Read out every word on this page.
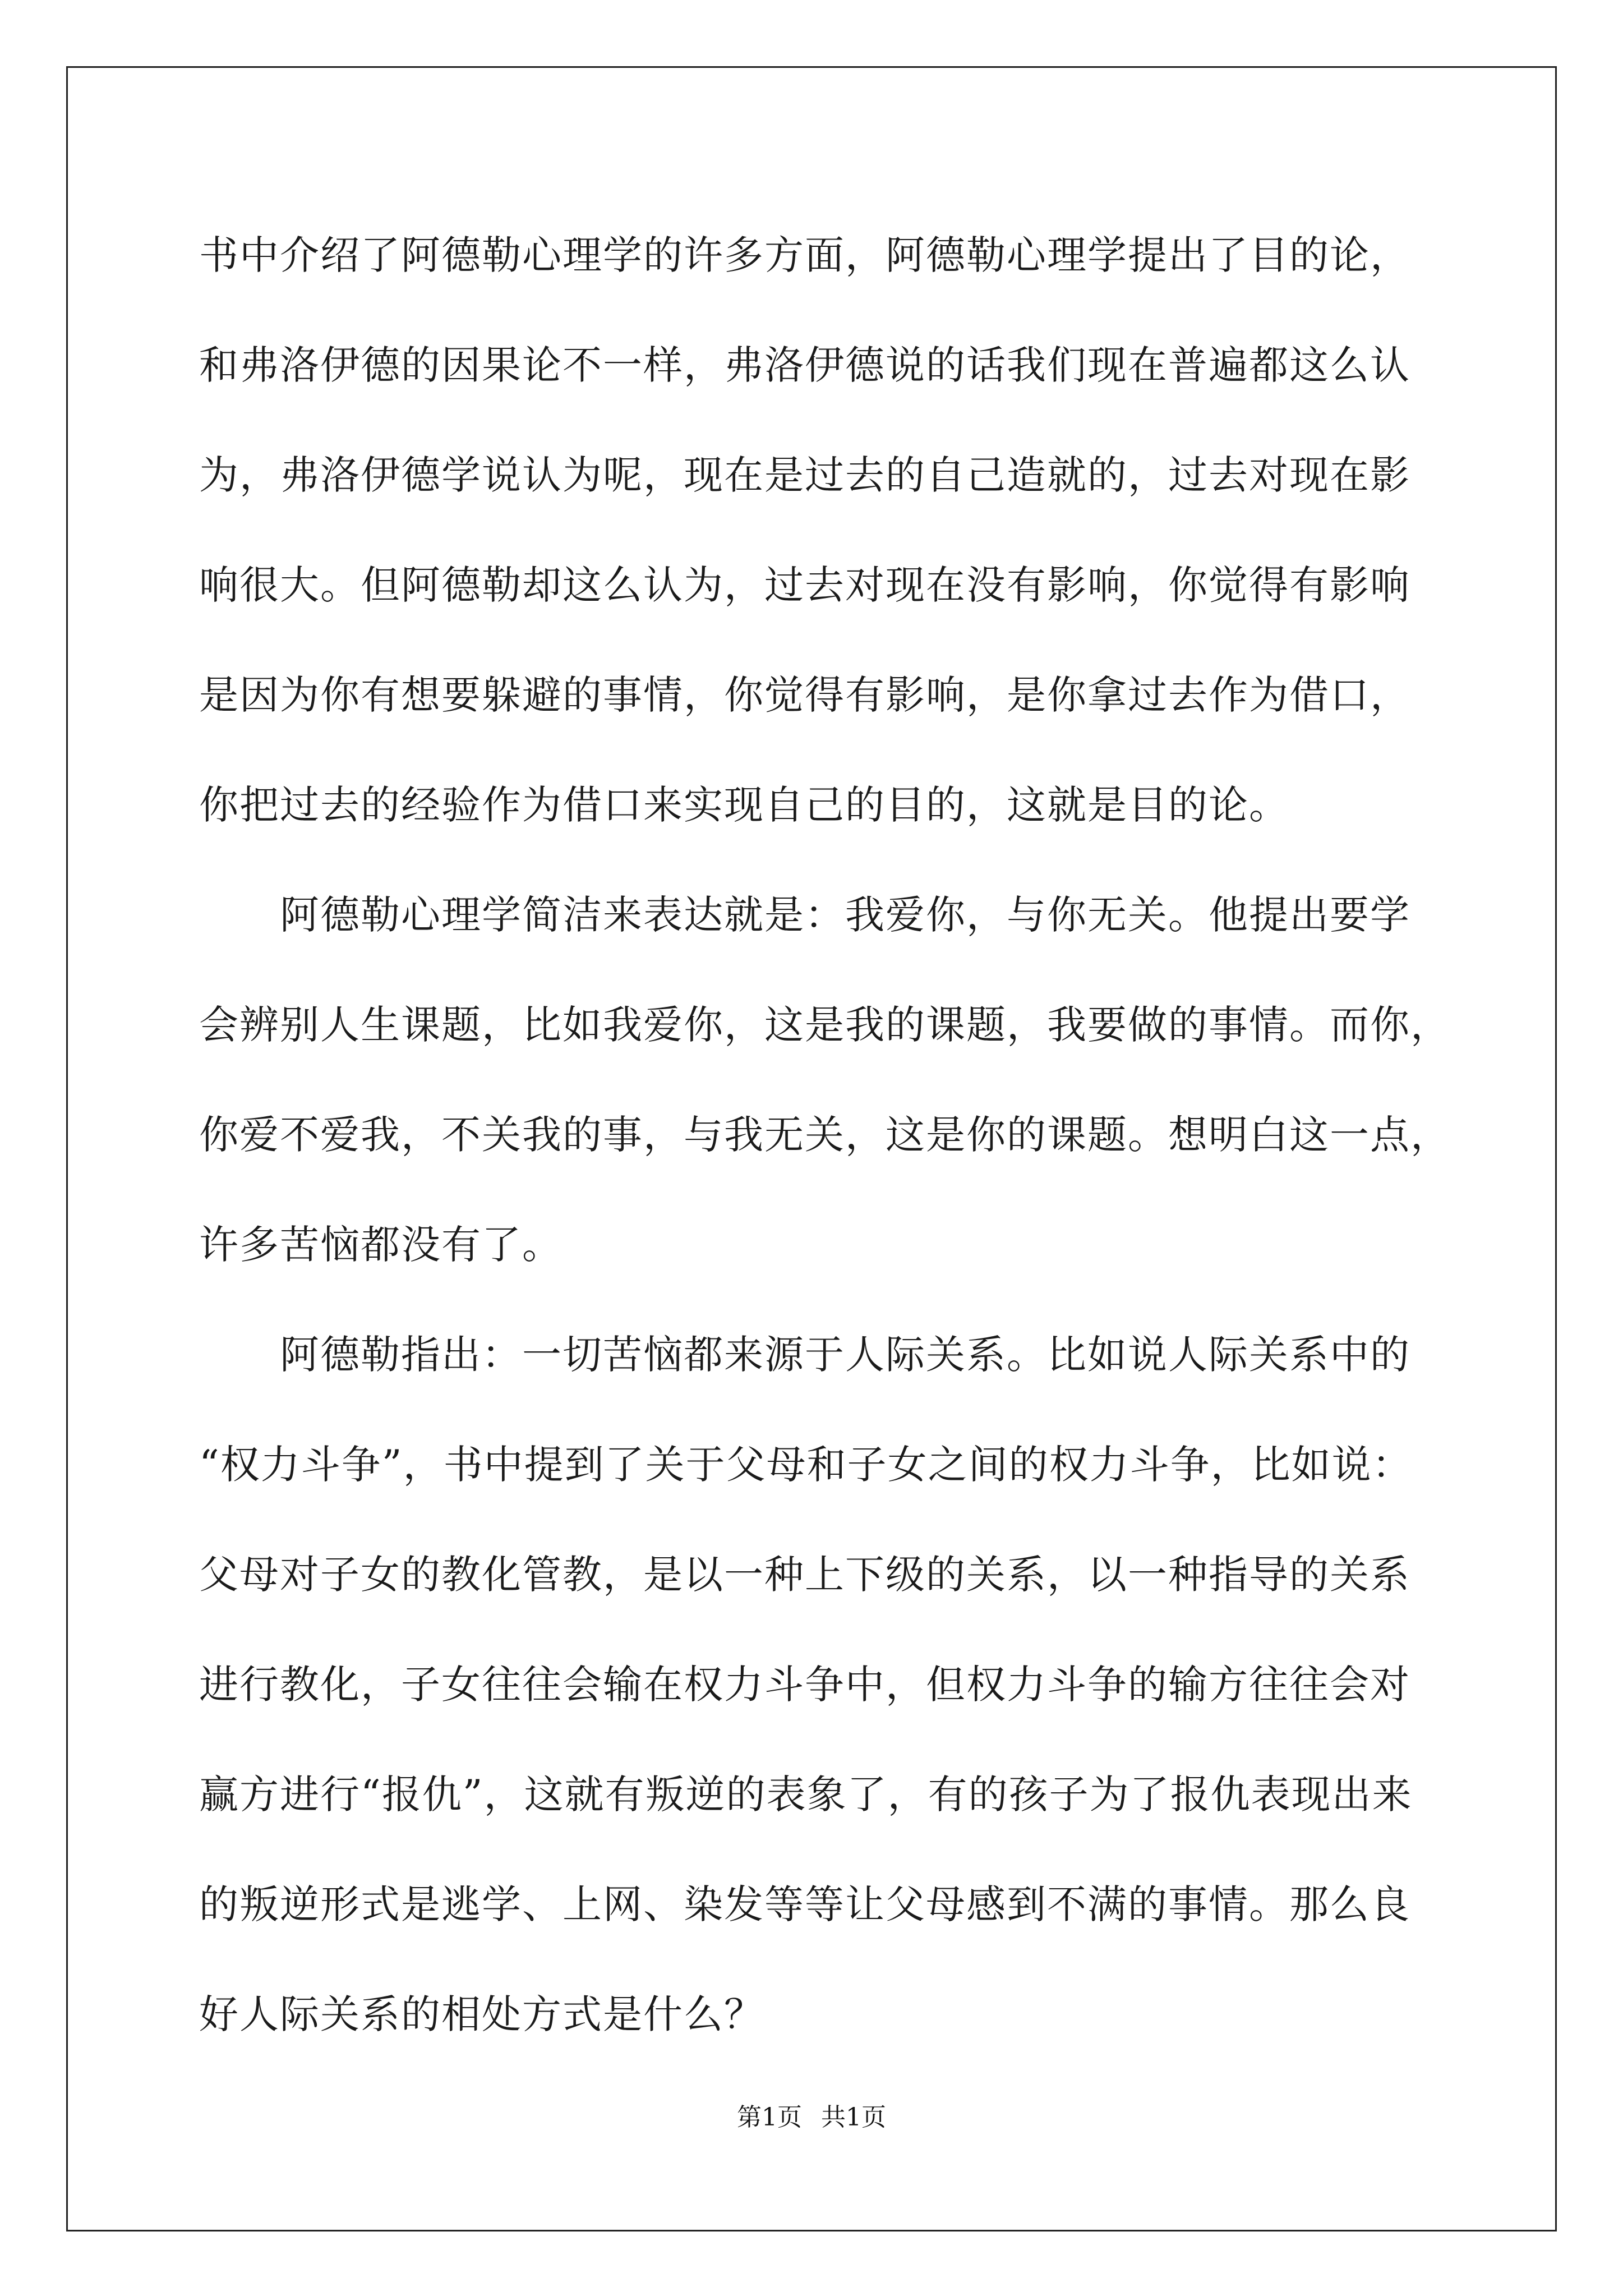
书中介绍了阿德勒心理学的许多方面，阿德勒心理学提出了目的论，
和弗洛伊德的因果论不一样，弗洛伊德说的话我们现在普遍都这么认
为，弗洛伊德学说认为呢，现在是过去的自己造就的，过去对现在影
响很大。但阿德勒却这么认为，过去对现在没有影响，你觉得有影响
是因为你有想要躲避的事情，你觉得有影响，是你拿过去作为借口，
你把过去的经验作为借口来实现自己的目的，这就是目的论。
　　阿德勒心理学简洁来表达就是：我爱你，与你无关。他提出要学
会辨别人生课题，比如我爱你，这是我的课题，我要做的事情。而你，
你爱不爱我，不关我的事，与我无关，这是你的课题。想明白这一点，
许多苦恼都没有了。
　　阿德勒指出：一切苦恼都来源于人际关系。比如说人际关系中的
“权力斗争”，书中提到了关于父母和子女之间的权力斗争，比如说：
父母对子女的教化管教，是以一种上下级的关系，以一种指导的关系
进行教化，子女往往会输在权力斗争中，但权力斗争的输方往往会对
赢方进行“报仇”，这就有叛逆的表象了，有的孩子为了报仇表现出来
的叛逆形式是逃学、上网、染发等等让父母感到不满的事情。那么良
好人际关系的相处方式是什么？
第1页 共1页
